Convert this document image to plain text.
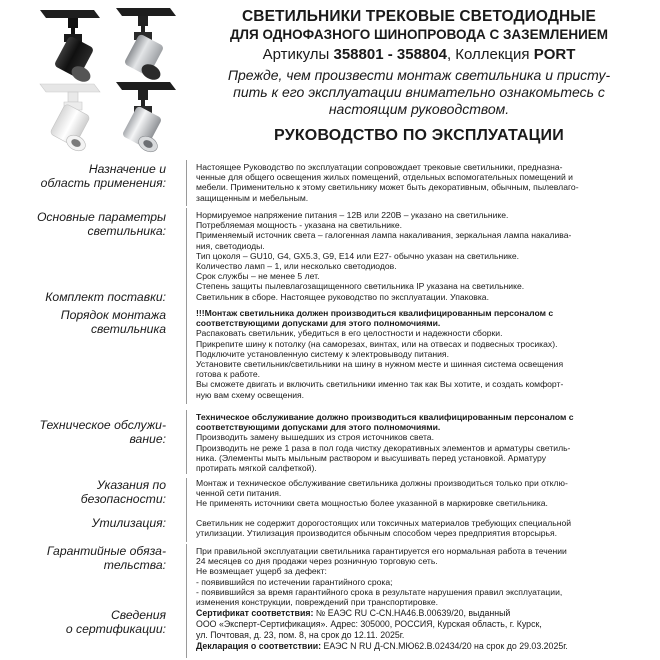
СВЕТИЛЬНИКИ ТРЕКОВЫЕ СВЕТОДИОДНЫЕ
ДЛЯ ОДНОФАЗНОГО ШИНОПРОВОДА С ЗАЗЕМЛЕНИЕМ
Артикулы 358801 - 358804, Коллекция PORT
Прежде, чем произвести монтаж светильника и присту-
пить к его эксплуатации внимательно ознакомьтесь с
настоящим руководством.
РУКОВОДСТВО ПО ЭКСПЛУАТАЦИИ
Назначение и
область применения:

Настоящее Руководство по эксплуатации сопровождает трековые светильники, предназна-

ченные для общего освещения жилых помещений, отдельных вспомогательных помещений и

мебели. Применительно к этому светильнику может быть декоративным, обычным, пылевлаго-

защищенным и мебельным.

Основные параметры
светильника:

Нормируемое напряжение питания – 12В или 220В – указано на светильнике.

Потребляемая мощность - указана на светильнике.

Применяемый источник света – галогенная лампа накаливания, зеркальная лампа накалива-

ния, светодиоды.

Тип цоколя – GU10, G4, GX5.3, G9, E14 или E27- обычно указан на светильнике.

Количество ламп – 1, или несколько светодиодов.

Срок службы – не менее 5 лет.

Степень защиты пылевлагозащищенного светильника IP указана на светильнике.

Комплект поставки:	Светильник в сборе. Настоящее руководство по эксплуатации. Упаковка.

Порядок монтажа
светильника

!!!Монтаж светильника должен производиться квалифицированным персоналом с

соответствующими допусками для этого полномочиями.

Распаковать светильник, убедиться в его целостности и надежности сборки.

Прикрепите шину к потолку (на саморезах, винтах, или на отвесах и подвесных тросиках).

Подключите установленную систему к электровыводу питания.

Установите светильник/светильники на шину в нужном месте и шинная система освещения

готова к работе.

Вы сможете двигать и включить светильники именно так как Вы хотите, и создать комфорт-

ную вам схему освещения.

Техническое обслужи-
вание:

Техническое обслуживание должно производиться квалифицированным персоналом с

соответствующими допусками для этого полномочиями.

Производить замену вышедших из строя источников света.

Производить не реже 1 раза в пол года чистку декоративных элементов и арматуры светиль-

ника. (Элементы мыть мыльным раствором и высушивать перед установкой. Арматуру

протирать мягкой салфеткой).

Указания по
безопасности:

Монтаж и техническое обслуживание светильника должны производиться только при отклю-

ченной сети питания.

Не применять источники света мощностью более указанной в маркировке светильника.

Утилизация:	Светильник не содержит дорогостоящих или токсичных материалов требующих специальной

утилизации. Утилизация производится обычным способом через предприятия вторсырья.

Гарантийные обяза-
тельства:

При правильной эксплуатации светильника гарантируется его нормальная работа в течении

24 месяцев со дня продажи через розничную торговую сеть.

Не возмещает ущерб за дефект:

- появившийся по истечении гарантийного срока;

- появившийся за время гарантийного срока в результате нарушения правил эксплуатации,

изменения конструкции, повреждений при транспортировке.

Сведения
о сертификации:

Сертификат соответствия: № ЕАЭС RU С-CN.НА46.В.00639/20, выданный

ООО «Эксперт-Сертификация». Адрес: 305000, РОССИЯ, Курская область, г. Курск,

ул. Почтовая, д. 23, пом. 8, на срок до 12.11. 2025г.

Декларация о соответствии: ЕАЭС N RU Д-CN.МЮ62.В.02434/20 на срок до 29.03.2025г.
